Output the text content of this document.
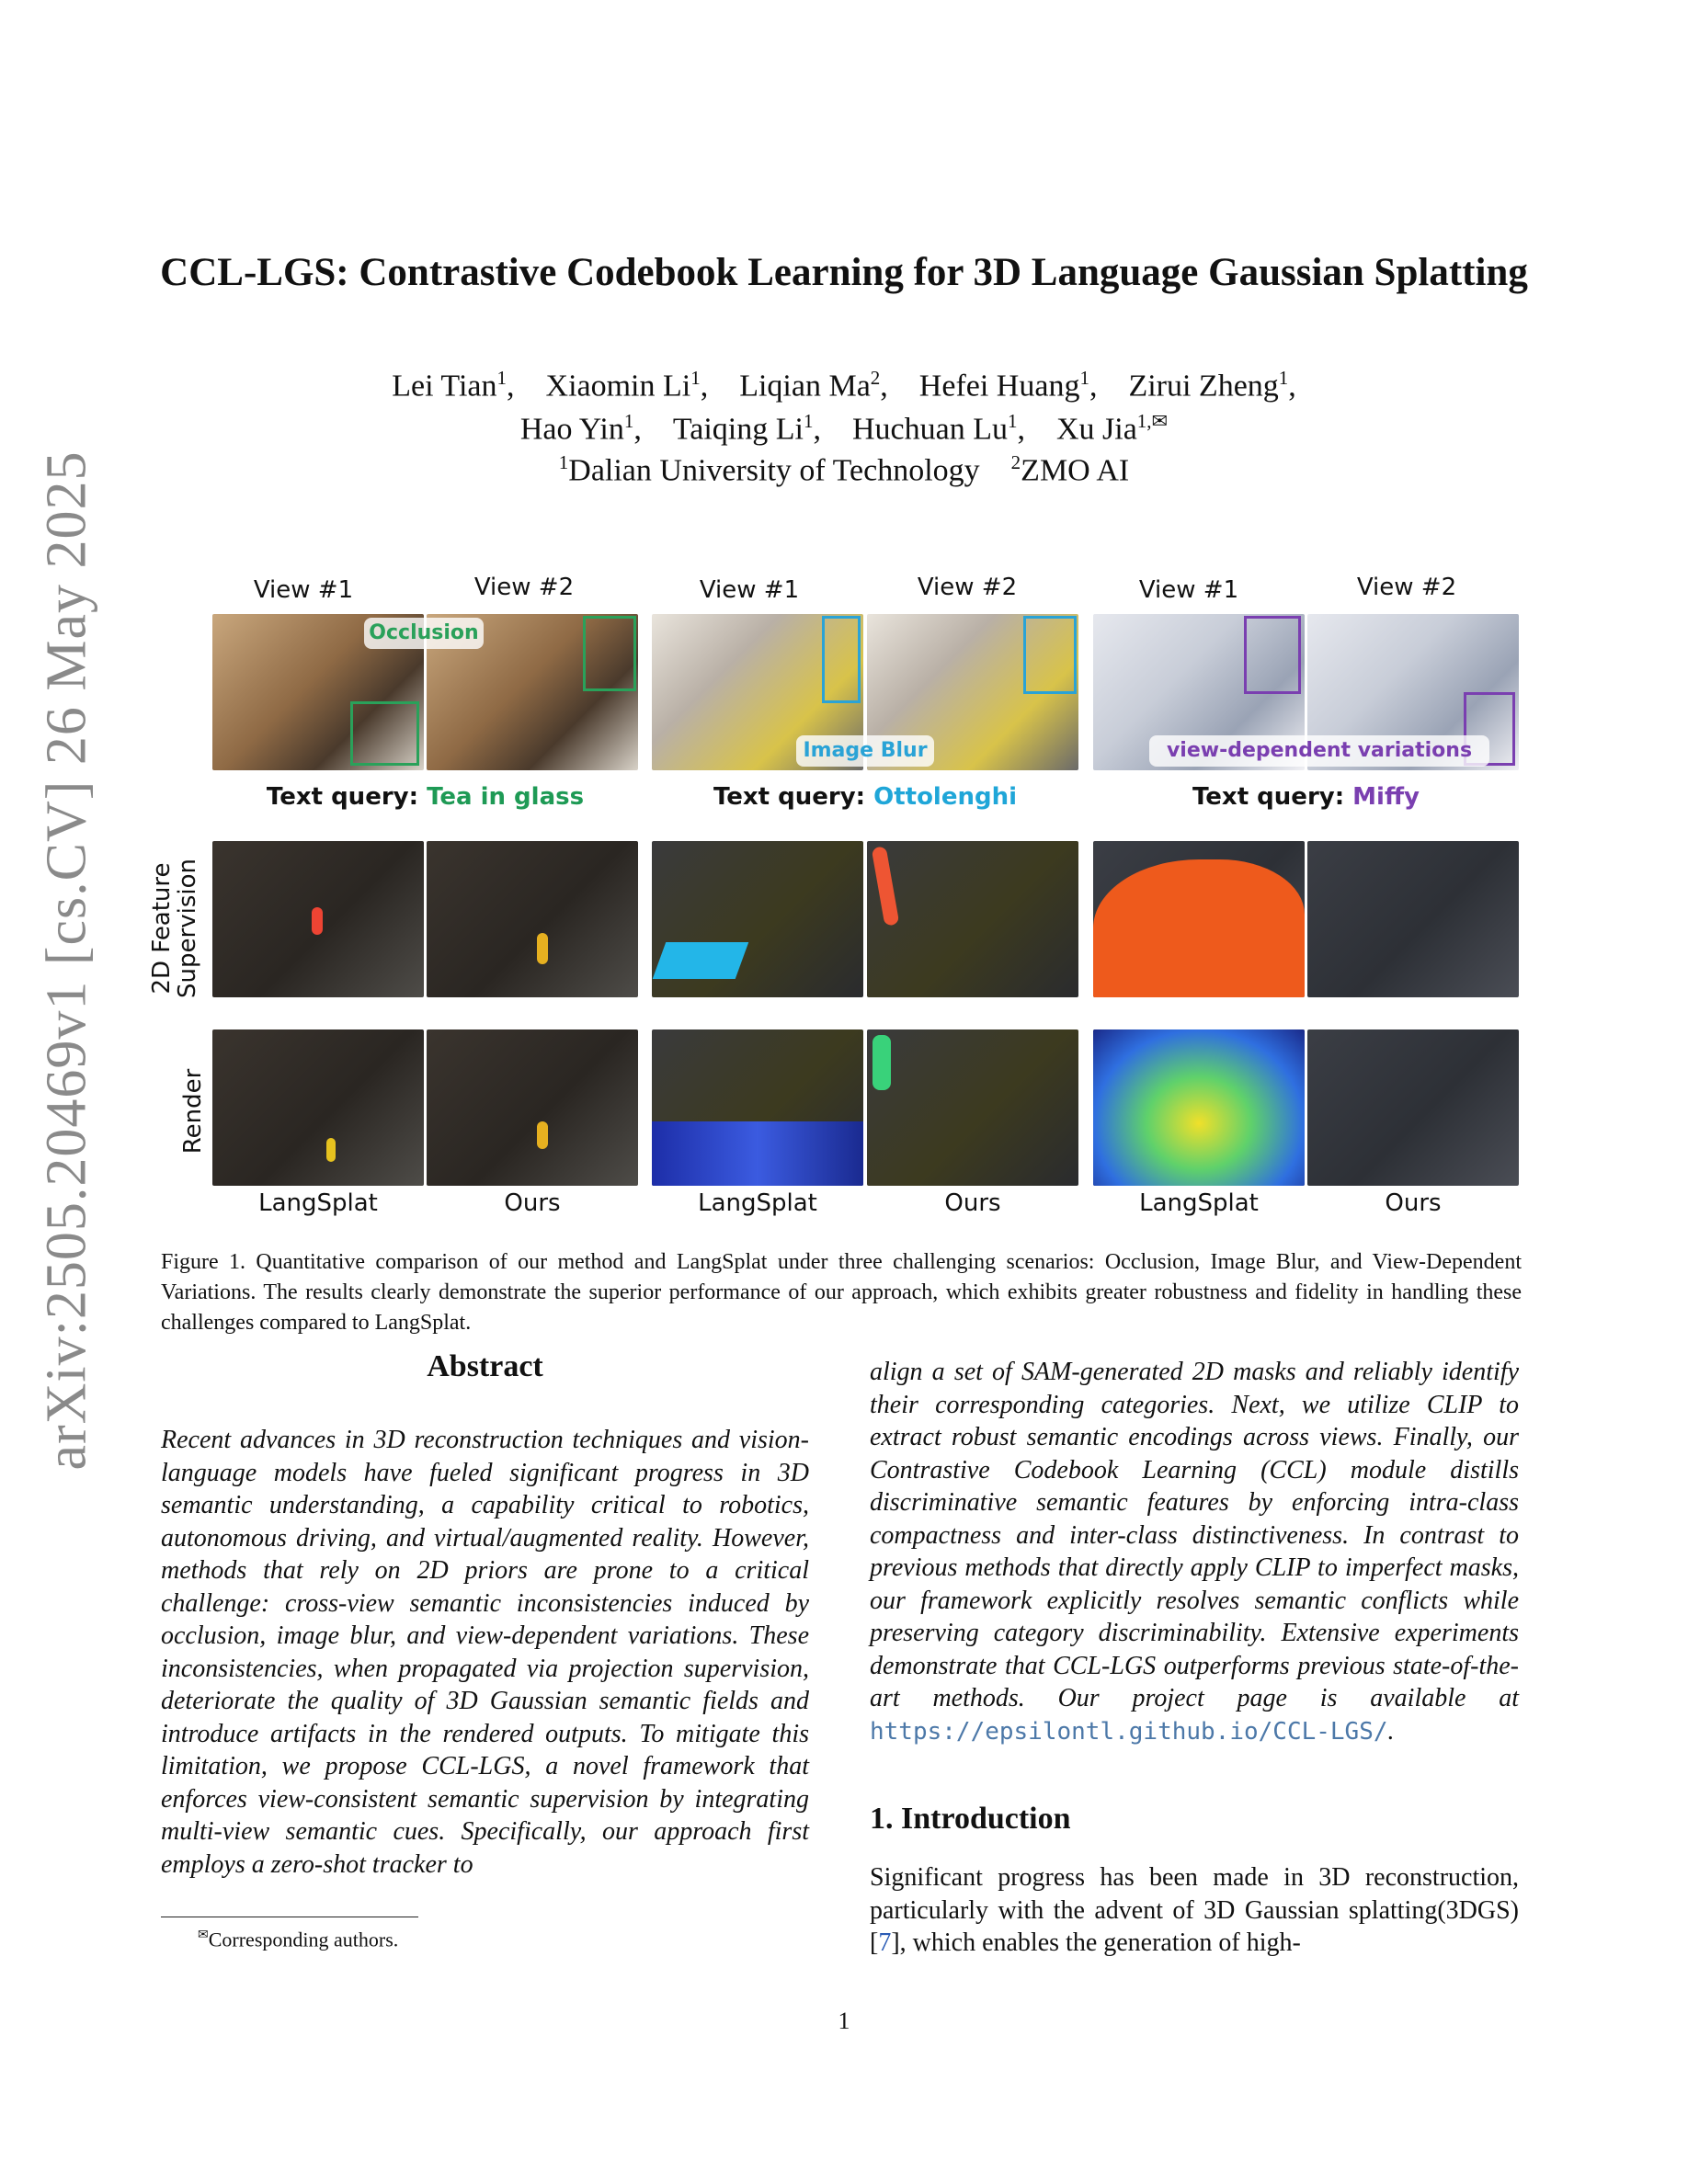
arXiv:2505.20469v1 [cs.CV] 26 May 2025
CCL-LGS: Contrastive Codebook Learning for 3D Language Gaussian Splatting
Lei Tian$^1$,    Xiaomin Li$^1$,    Liqian Ma$^2$,    Hefei Huang$^1$,    Zirui Zheng$^1$,
Hao Yin$^1$,    Taiqing Li$^1$,    Huchuan Lu$^1$,    Xu Jia$^{1,✉}$
$^1$Dalian University of Technology    $^2$ZMO AI
View #1	View #2	View #1	View #2	View #1	View #2
Occlusion
Image Blur	view-dependent variations
Text query: Tea in glass	Text query: Ottolenghi	Text query: Miffy
2D Feature
Supervision
Render
LangSplat	Ours	LangSplat	Ours	LangSplat	Ours
Figure 1. Quantitative comparison of our method and LangSplat under three challenging scenarios: Occlusion, Image Blur, and View-Dependent Variations. The results clearly demonstrate the superior performance of our approach, which exhibits greater robustness and fidelity in handling these challenges compared to LangSplat.
Abstract
Recent advances in 3D reconstruction techniques and vision-language models have fueled significant progress in 3D semantic understanding, a capability critical to robotics, autonomous driving, and virtual/augmented reality. However, methods that rely on 2D priors are prone to a critical challenge: cross-view semantic inconsistencies induced by occlusion, image blur, and view-dependent variations. These inconsistencies, when propagated via projection supervision, deteriorate the quality of 3D Gaussian semantic fields and introduce artifacts in the rendered outputs. To mitigate this limitation, we propose CCL-LGS, a novel framework that enforces view-consistent semantic supervision by integrating multi-view semantic cues. Specifically, our approach first employs a zero-shot tracker to
✉Corresponding authors.
align a set of SAM-generated 2D masks and reliably identify their corresponding categories. Next, we utilize CLIP to extract robust semantic encodings across views. Finally, our Contrastive Codebook Learning (CCL) module distills discriminative semantic features by enforcing intra-class compactness and inter-class distinctiveness. In contrast to previous methods that directly apply CLIP to imperfect masks, our framework explicitly resolves semantic conflicts while preserving category discriminability. Extensive experiments demonstrate that CCL-LGS outperforms previous state-of-the-art methods. Our project page is available at https://epsilontl.github.io/CCL-LGS/.
1. Introduction
Significant progress has been made in 3D reconstruction, particularly with the advent of 3D Gaussian splatting(3DGS) [7], which enables the generation of high-
1
